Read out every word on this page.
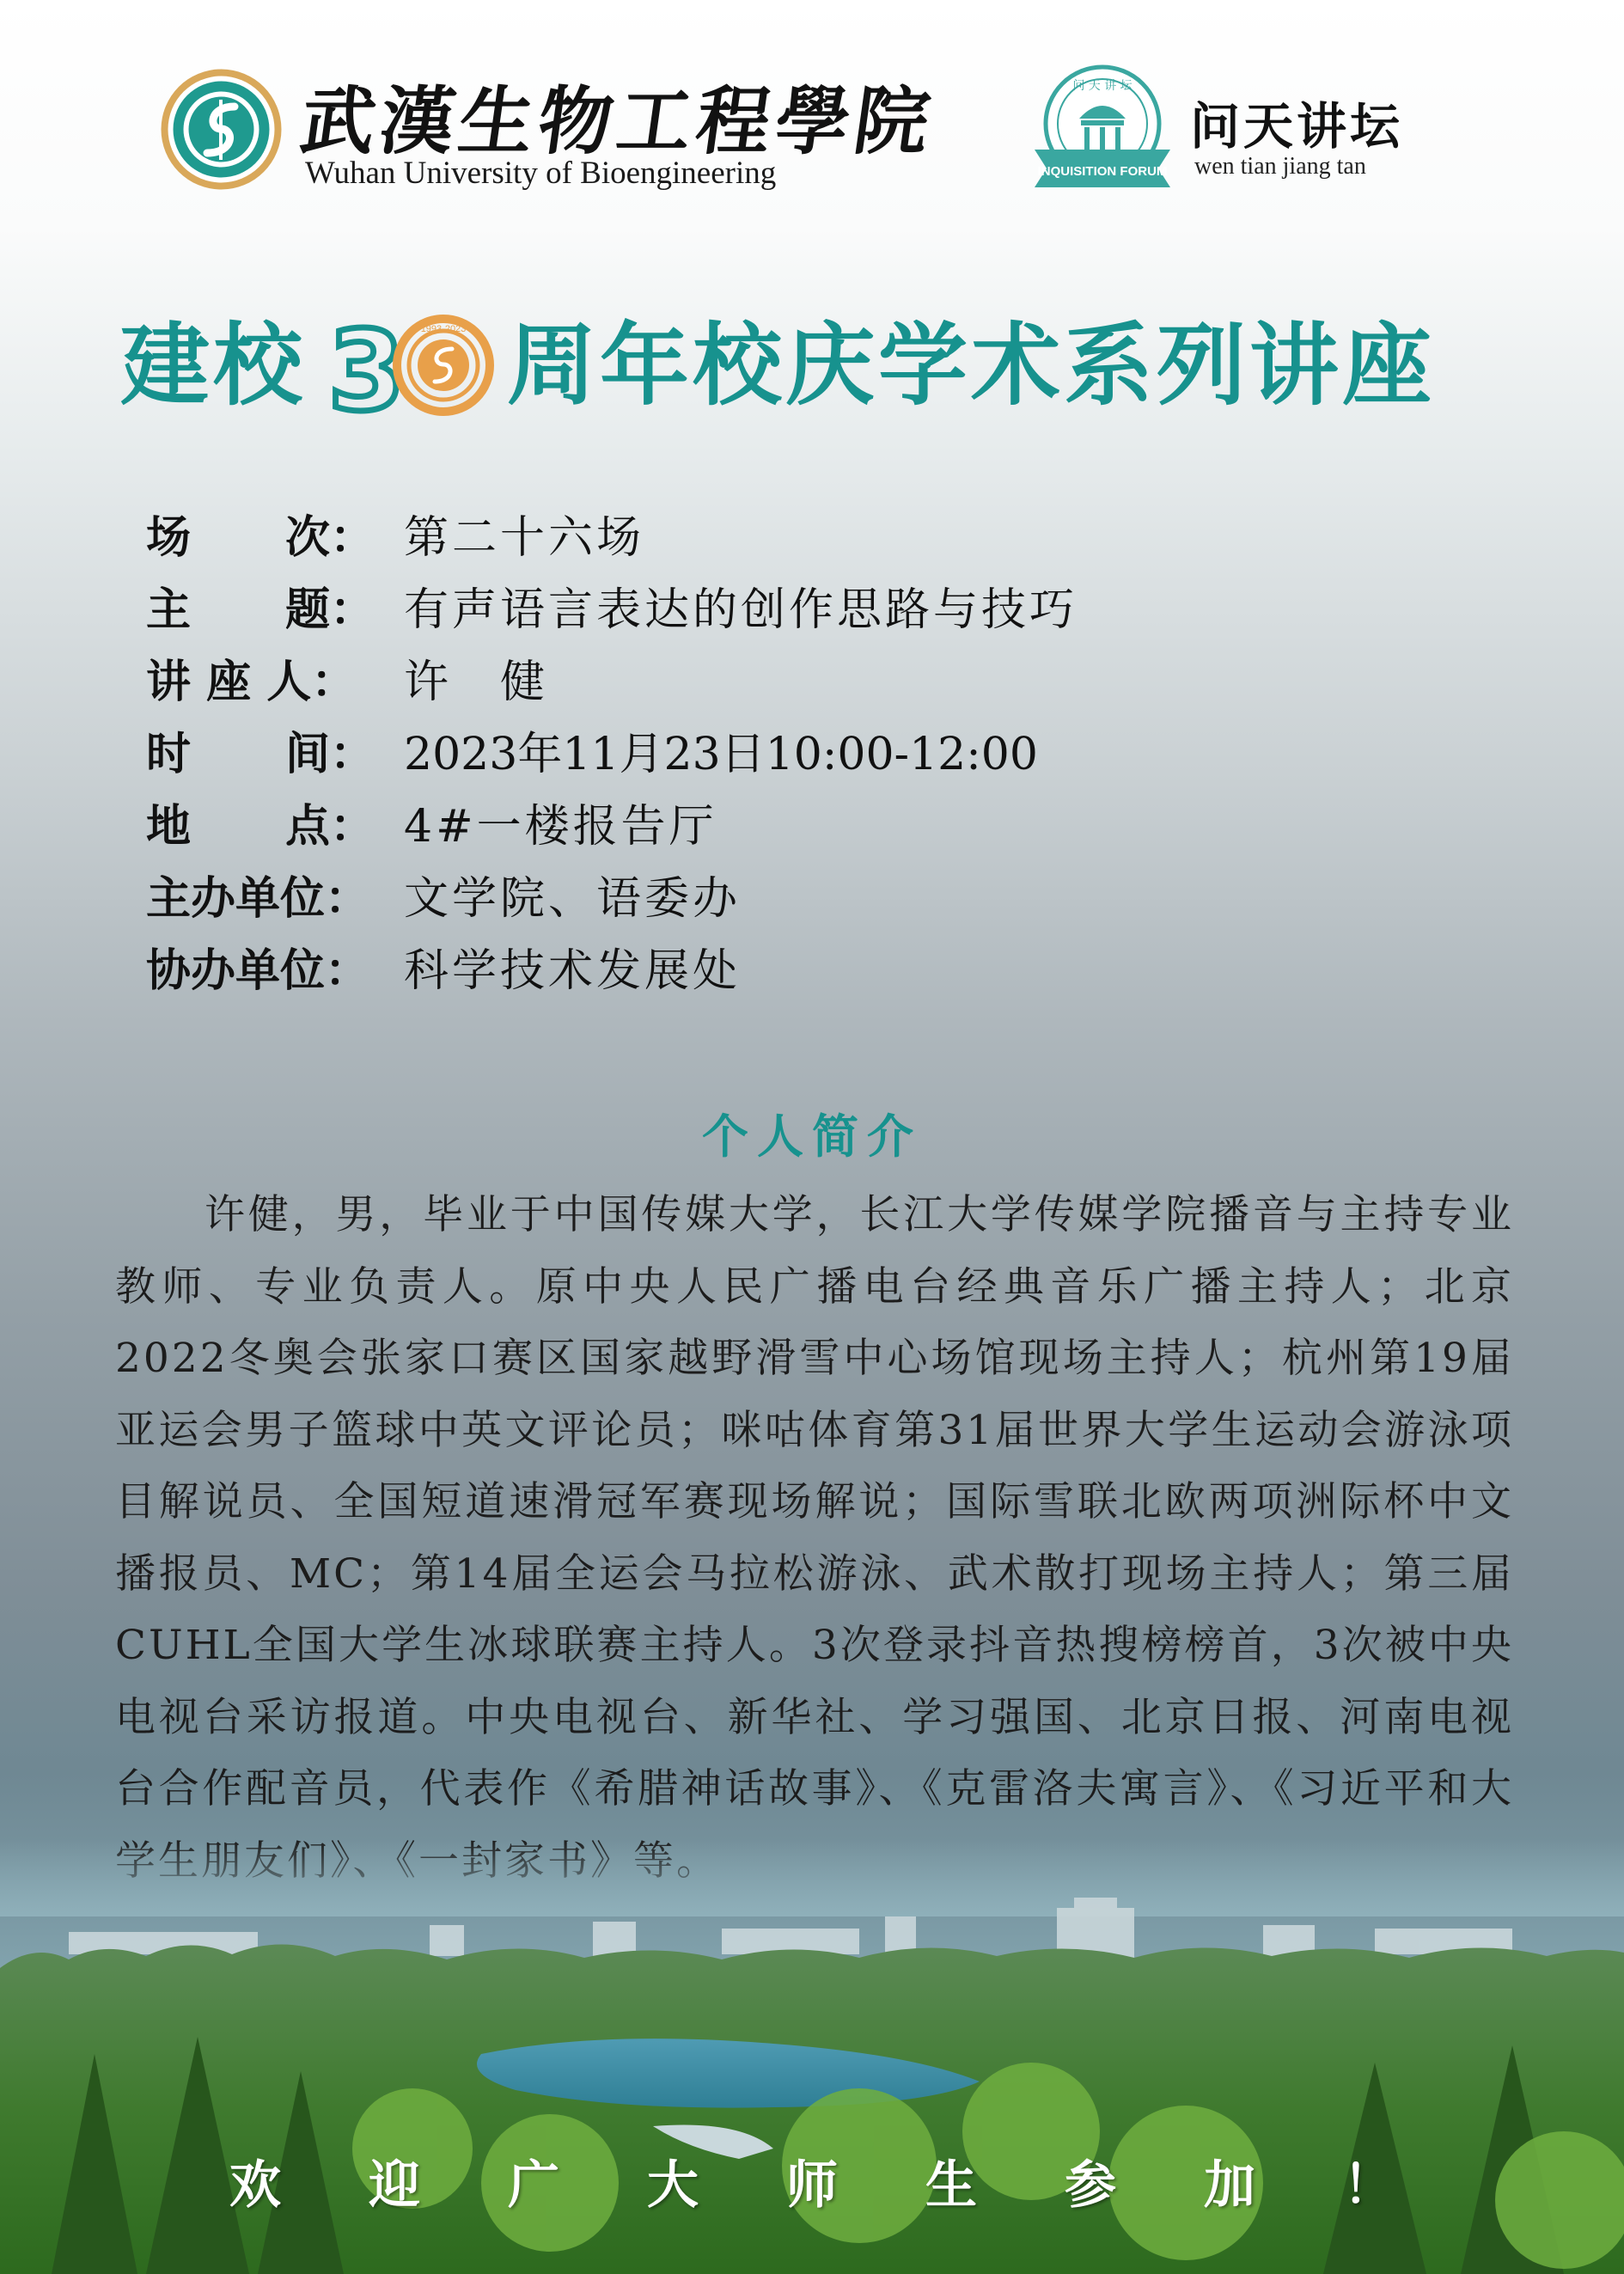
武漢生物工程學院
Wuhan University of Bioengineering	INQUISITION FORUM
问 天 讲 坛
问天讲坛
wen tian jiang tan
建校 3 1993-2023 周年校庆学术系列讲座
场 次： 第二十六场
主 题： 有声语言表达的创作思路与技巧
讲 座 人：	许　健
时 间： 2023年11月23日10:00-12:00
地 点： 4#一楼报告厅
主办单位： 文学院、语委办
协办单位： 科学技术发展处
个人简介
许健，男，毕业于中国传媒大学，长江大学传媒学院播音与主持专业教师、专业负责人。原中央人民广播电台经典音乐广播主持人；北京2022冬奥会张家口赛区国家越野滑雪中心场馆现场主持人；杭州第19届亚运会男子篮球中英文评论员；咪咕体育第31届世界大学生运动会游泳项目解说员、全国短道速滑冠军赛现场解说；国际雪联北欧两项洲际杯中文播报员、MC；第14届全运会马拉松游泳、武术散打现场主持人；第三届CUHL全国大学生冰球联赛主持人。3次登录抖音热搜榜榜首，3次被中央电视台采访报道。中央电视台、新华社、学习强国、北京日报、河南电视台合作配音员，代表作《希腊神话故事》、《克雷洛夫寓言》、《习近平和大
欢 迎 广 大 师 生 参 加 ！
